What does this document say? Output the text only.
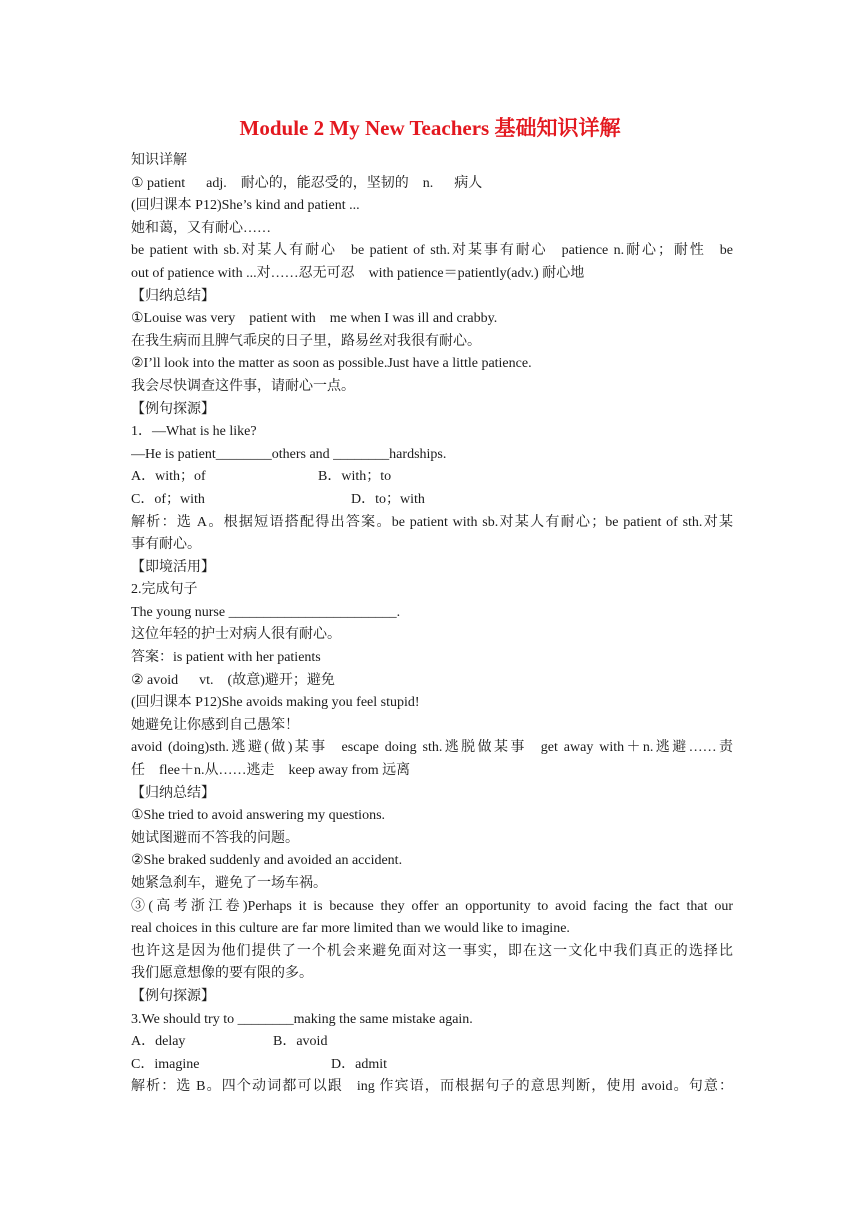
Module 2 My New Teachers 基础知识详解
知识详解
① patient  adj. 耐心的，能忍受的，坚韧的 n.  病人
(回归课本 P12)She’s kind and patient ...
她和蔼，又有耐心……
be patient with sb.对某人有耐心 be patient of sth.对某事有耐心 patience n.耐心；耐性 be
out of patience with ...对……忍无可忍 with patience＝patiently(adv.) 耐心地
【归纳总结】
①Louise was very patient with me when I was ill and crabby.
在我生病而且脾气乖戾的日子里，路易丝对我很有耐心。
②I’ll look into the matter as soon as possible.Just have a little patience.
我会尽快调查这件事，请耐心一点。
【例句探源】
1．—What is he like?
—He is patient________others and ________hardships.
A．with；of	B．with；to
C．of；with	D．to；with
解析：选 A。根据短语搭配得出答案。be patient with sb.对某人有耐心；be patient of sth.对某
事有耐心。
【即境活用】
2.完成句子
The young nurse ________________________.
这位年轻的护士对病人很有耐心。
答案：is patient with her patients
② avoid  vt. (故意)避开；避免
(回归课本 P12)She avoids making you feel stupid!
她避免让你感到自己愚笨！
avoid (doing)sth.逃避(做)某事 escape doing sth.逃脱做某事 get away with＋n.逃避……责
任 flee＋n.从……逃走 keep away from 远离
【归纳总结】
①She tried to avoid answering my questions.
她试图避而不答我的问题。
②She braked suddenly and avoided an accident.
她紧急刹车，避免了一场车祸。
③(高考浙江卷)Perhaps it is because they offer an opportunity to avoid facing the fact that our
real choices in this culture are far more limited than we would like to imagine.
也许这是因为他们提供了一个机会来避免面对这一事实，即在这一文化中我们真正的选择比
我们愿意想像的要有限的多。
【例句探源】
3.We should try to ________making the same mistake again.
A．delay	B．avoid
C．imagine	D．admit
解析：选 B。四个动词都可以跟 ing 作宾语，而根据句子的意思判断，使用 avoid。句意：
